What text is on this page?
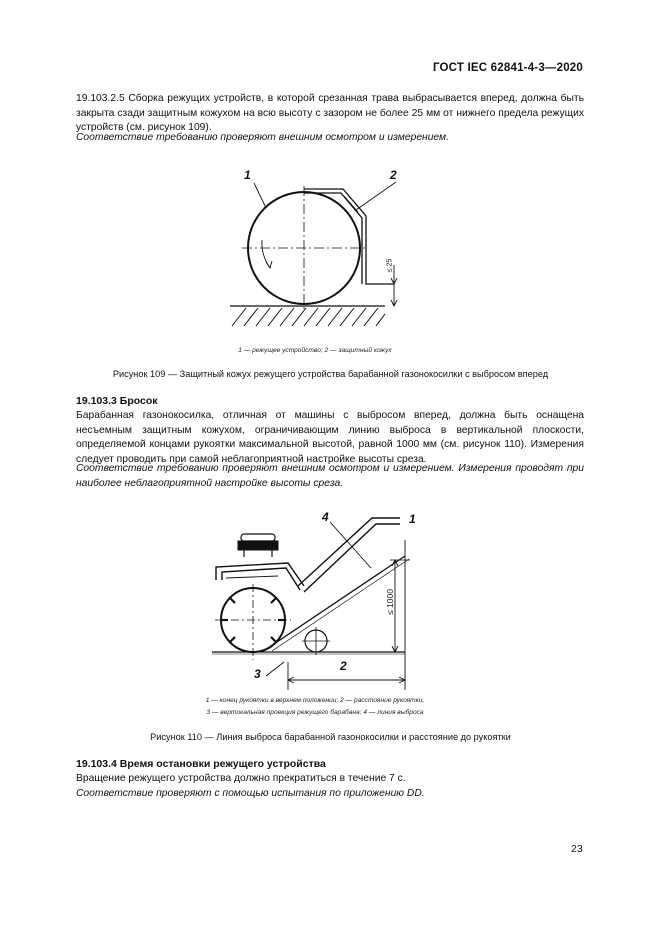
ГОСТ IEC 62841-4-3—2020
19.103.2.5 Сборка режущих устройств, в которой срезанная трава выбрасывается вперед, должна быть закрыта сзади защитным кожухом на всю высоту с зазором не более 25 мм от нижнего предела режущих устройств (см. рисунок 109).
Соответствие требованию проверяют внешним осмотром и измерением.
1	2
≤ 25
1 — режущее устройство; 2 — защитный кожух
Рисунок 109 — Защитный кожух режущего устройства барабанной газонокосилки с выбросом вперед
19.103.3 Бросок
Барабанная газонокосилка, отличная от машины с выбросом вперед, должна быть оснащена несъемным защитным кожухом, ограничивающим линию выброса в вертикальной плоскости, определяемой концами рукоятки максимальной высотой, равной 1000 мм (см. рисунок 110). Измерения следует проводить при самой неблагоприятной настройке высоты среза.
Соответствие требованию проверяют внешним осмотром и измерением. Измерения проводят при наиболее неблагоприятной настройке высоты среза.
4	1
2
3
≤ 1000
1 — конец рукоятки в верхнем положении; 2 — расстояние рукоятки,
3 — вертикальная проекция режущего барабана; 4 — линия выброса
Рисунок 110 — Линия выброса барабанной газонокосилки и расстояние до рукоятки
19.103.4 Время остановки режущего устройства
Вращение режущего устройства должно прекратиться в течение 7 с.
Соответствие проверяют с помощью испытания по приложению DD.
23
